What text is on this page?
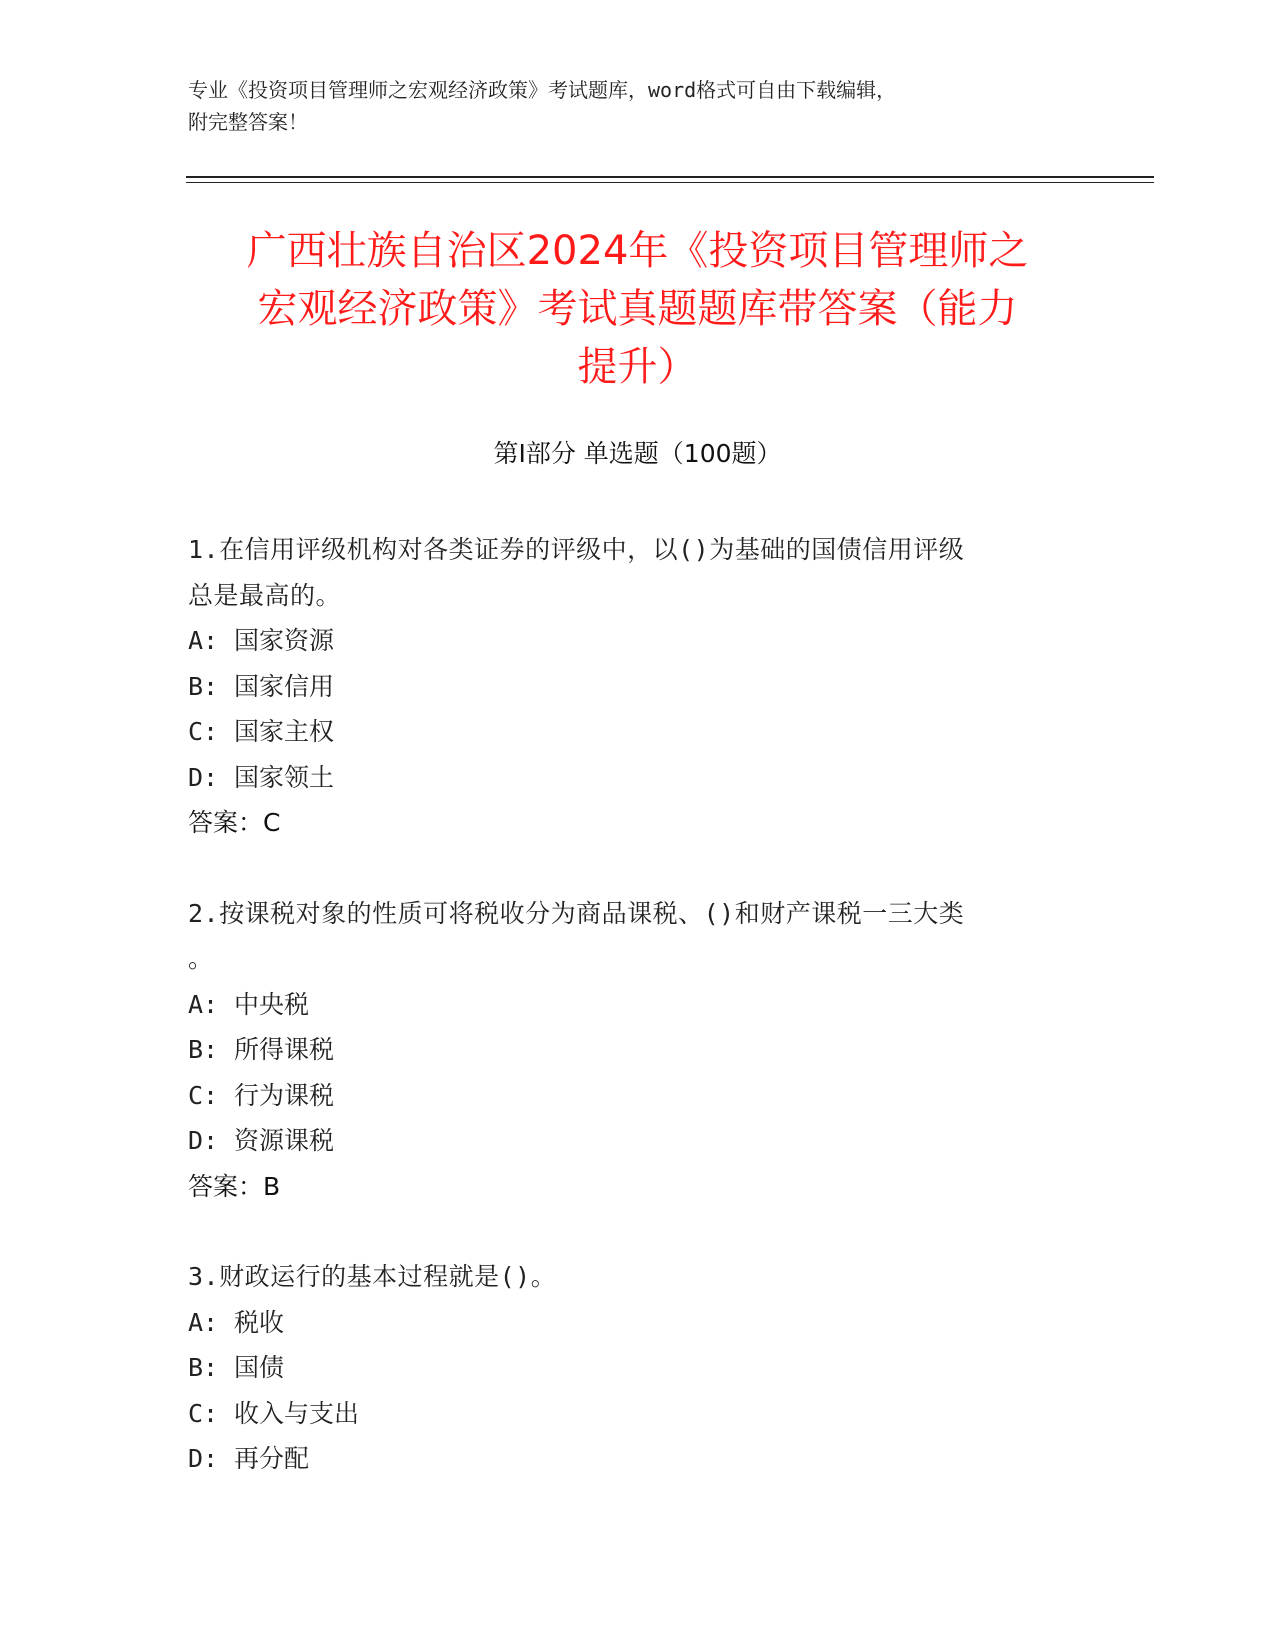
专业《投资项目管理师之宏观经济政策》考试题库，word格式可自由下载编辑，
附完整答案！
广西壮族自治区2024年《投资项目管理师之
宏观经济政策》考试真题题库带答案（能力
提升）
第Ⅰ部分 单选题（100题）

1.在信用评级机构对各类证券的评级中，以()为基础的国债信用评级

总是最高的。

A: 国家资源

B: 国家信用

C: 国家主权

D: 国家领土

答案：C

2.按课税对象的性质可将税收分为商品课税、()和财产课税一三大类

。

A: 中央税

B: 所得课税

C: 行为课税

D: 资源课税

答案：B

3.财政运行的基本过程就是()。

A: 税收

B: 国债

C: 收入与支出

D: 再分配
